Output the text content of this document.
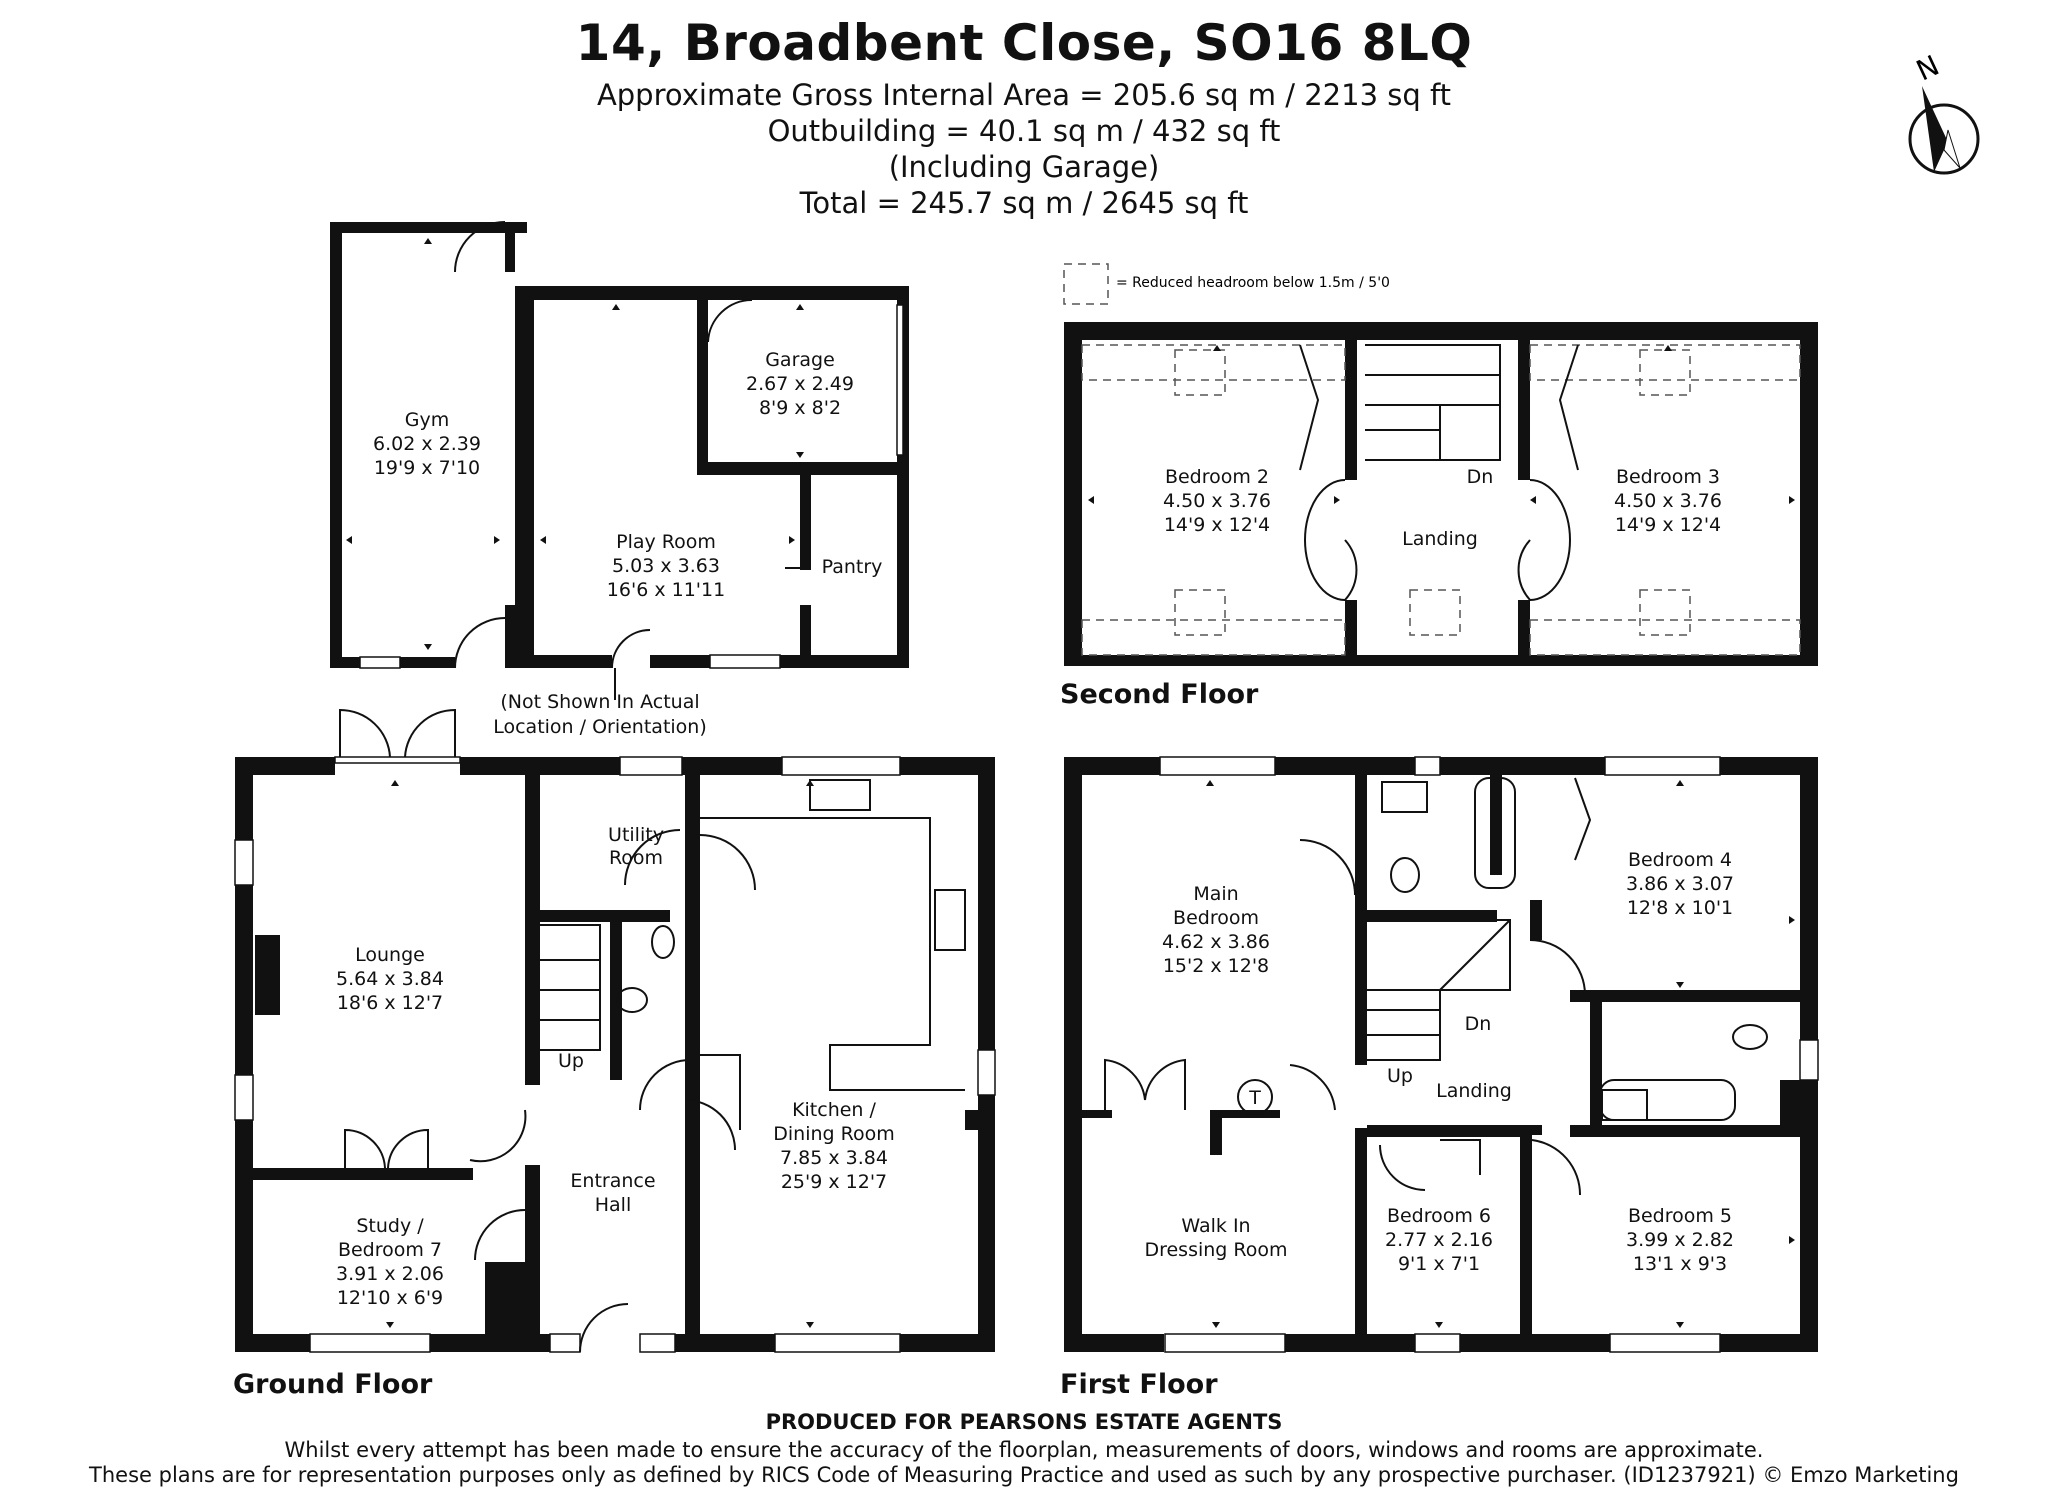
14, Broadbent Close, SO16 8LQ
Approximate Gross Internal Area = 205.6 sq m / 2213 sq ft
Outbuilding = 40.1 sq m / 432 sq ft
(Including Garage)
Total = 245.7 sq m / 2645 sq ft
N
= Reduced headroom below 1.5m / 5'0
Gym
6.02 x 2.39
19'9 x 7'10
Garage
2.67 x 2.49
8'9 x 8'2
Play Room
5.03 x 3.63
16'6 x 11'11
Pantry
(Not Shown In Actual
Location / Orientation)
Utility
Room
Lounge
5.64 x 3.84
18'6 x 12'7
Kitchen /
Dining Room
7.85 x 3.84
25'9 x 12'7
Entrance
Hall
Up
Study /
Bedroom 7
3.91 x 2.06
12'10 x 6'9
Main
Bedroom
4.62 x 3.86
15'2 x 12'8
Bedroom 4
3.86 x 3.07
12'8 x 10'1
Landing
Dn
Up
T
Walk In
Dressing Room
Bedroom 6
2.77 x 2.16
9'1 x 7'1
Bedroom 5
3.99 x 2.82
13'1 x 9'3
Bedroom 2
4.50 x 3.76
14'9 x 12'4
Bedroom 3
4.50 x 3.76
14'9 x 12'4
Landing
Dn
Ground Floor	First Floor
Second Floor
PRODUCED FOR PEARSONS ESTATE AGENTS
Whilst every attempt has been made to ensure the accuracy of the floorplan, measurements of doors, windows and rooms are approximate.
These plans are for representation purposes only as defined by RICS Code of Measuring Practice and used as such by any prospective purchaser. (ID1237921) © Emzo Marketing
